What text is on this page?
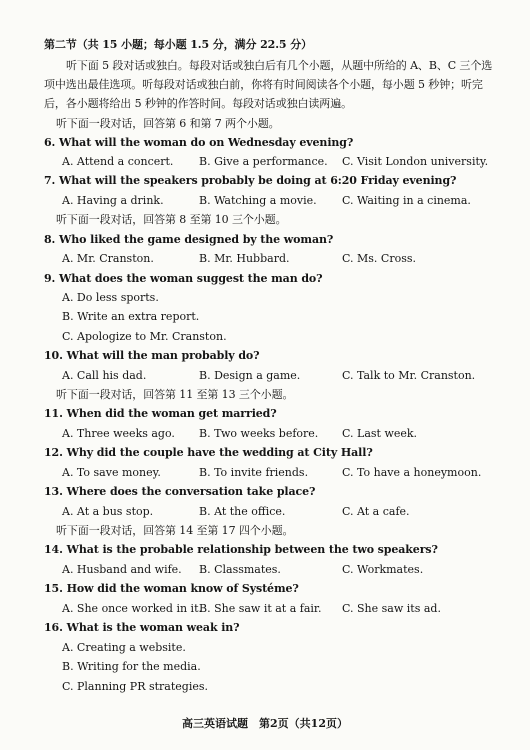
第二节（共 15 小题；每小题 1.5 分，满分 22.5 分）
听下面 5 段对话或独白。每段对话或独白后有几个小题，从题中所给的 A、B、C 三个选项中选出最佳选项。听每段对话或独白前，你将有时间阅读各个小题，每小题 5 秒钟；听完后，各小题将给出 5 秒钟的作答时间。每段对话或独白读两遍。
听下面一段对话，回答第 6 和第 7 两个小题。
6. What will the woman do on Wednesday evening?
A. Attend a concert. B. Give a performance. C. Visit London university.
7. What will the speakers probably be doing at 6:20 Friday evening?
A. Having a drink.	B. Watching a movie. C. Waiting in a cinema.
听下面一段对话，回答第 8 至第 10 三个小题。
8. Who liked the game designed by the woman?
A. Mr. Cranston.	B. Mr. Hubbard.	C. Ms. Cross.
9. What does the woman suggest the man do?
A. Do less sports.
B. Write an extra report.
C. Apologize to Mr. Cranston.
10. What will the man probably do?
A. Call his dad.	B. Design a game.	C. Talk to Mr. Cranston.
听下面一段对话，回答第 11 至第 13 三个小题。
11. When did the woman get married?
A. Three weeks ago. B. Two weeks before. C. Last week.
12. Why did the couple have the wedding at City Hall?
A. To save money.	B. To invite friends.	C. To have a honeymoon.
13. Where does the conversation take place?
A. At a bus stop.	B. At the office.	C. At a cafe.
听下面一段对话，回答第 14 至第 17 四个小题。
14. What is the probable relationship between the two speakers?
A. Husband and wife. B. Classmates.	C. Workmates.
15. How did the woman know of Systéme?
A. She once worked in it.
B. She saw it at a fair. C. She saw its ad.
16. What is the woman weak in?
A. Creating a website.
B. Writing for the media.
C. Planning PR strategies.
高三英语试题　第2页（共12页）
